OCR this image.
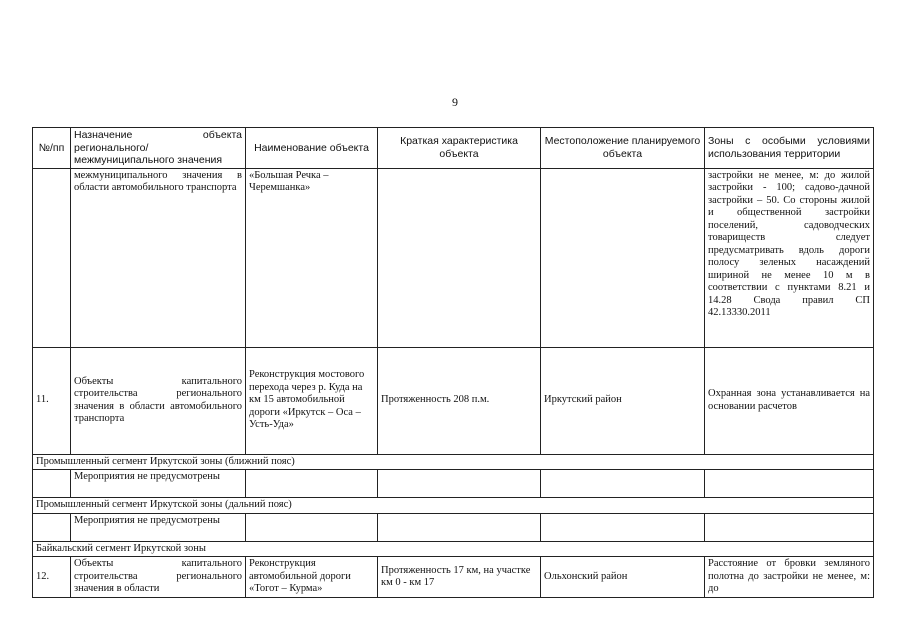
9
№/пп	Назначение объекта регионального/ межмуниципального значения	Наименование объекта	Краткая характеристика объекта	Местоположение планируемого объекта	Зоны с особыми условиями использования территории
	межмуниципального значения в области автомобильного транспорта	«Большая Речка – Черемшанка»			застройки не менее, м: до жилой застройки - 100; садово-дачной застройки – 50. Со стороны жилой и общественной застройки поселений, садоводческих товариществ следует предусматривать вдоль дороги полосу зеленых насаждений шириной не менее 10 м в соответствии с пунктами 8.21 и 14.28 Свода правил СП 42.13330.2011
11.	Объекты капитального строительства регионального значения в области автомобильного транспорта	Реконструкция мостового перехода через р. Куда на км 15 автомобильной дороги «Иркутск – Оса – Усть-Уда»	Протяженность 208 п.м.	Иркутский район	Охранная зона устанавливается на основании расчетов
Промышленный сегмент Иркутской зоны (ближний пояс)					
	Мероприятия не предусмотрены				
Промышленный сегмент Иркутской зоны (дальний пояс)					
	Мероприятия не предусмотрены				
Байкальский сегмент Иркутской зоны					
12.	Объекты капитального строительства регионального значения в области	Реконструкция автомобильной дороги «Тогот – Курма»	Протяженность 17 км, на участке км 0 - км 17	Ольхонский район	Расстояние от бровки земляного полотна до застройки не менее, м: до
